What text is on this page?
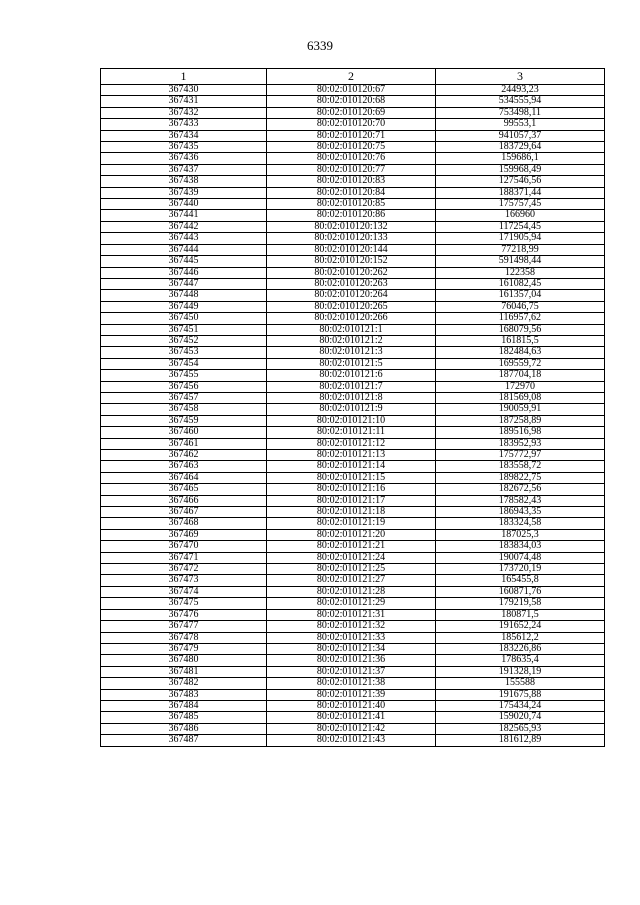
6339
1	2	3
367430	80:02:010120:67	24493,23
367431	80:02:010120:68	534555,94
367432	80:02:010120:69	753498,11
367433	80:02:010120:70	99553,1
367434	80:02:010120:71	941057,37
367435	80:02:010120:75	183729,64
367436	80:02:010120:76	159686,1
367437	80:02:010120:77	159968,49
367438	80:02:010120:83	127546,56
367439	80:02:010120:84	188371,44
367440	80:02:010120:85	175757,45
367441	80:02:010120:86	166960
367442	80:02:010120:132	117254,45
367443	80:02:010120:133	171905,94
367444	80:02:010120:144	77218,99
367445	80:02:010120:152	591498,44
367446	80:02:010120:262	122358
367447	80:02:010120:263	161082,45
367448	80:02:010120:264	161357,04
367449	80:02:010120:265	76046,75
367450	80:02:010120:266	116957,62
367451	80:02:010121:1	168079,56
367452	80:02:010121:2	161815,5
367453	80:02:010121:3	182484,63
367454	80:02:010121:5	169559,72
367455	80:02:010121:6	187704,18
367456	80:02:010121:7	172970
367457	80:02:010121:8	181569,08
367458	80:02:010121:9	190059,91
367459	80:02:010121:10	187258,89
367460	80:02:010121:11	189516,98
367461	80:02:010121:12	183952,93
367462	80:02:010121:13	175772,97
367463	80:02:010121:14	183558,72
367464	80:02:010121:15	189822,75
367465	80:02:010121:16	182672,56
367466	80:02:010121:17	178582,43
367467	80:02:010121:18	186943,35
367468	80:02:010121:19	183324,58
367469	80:02:010121:20	187025,3
367470	80:02:010121:21	183834,03
367471	80:02:010121:24	190074,48
367472	80:02:010121:25	173720,19
367473	80:02:010121:27	165455,8
367474	80:02:010121:28	160871,76
367475	80:02:010121:29	179219,58
367476	80:02:010121:31	180871,5
367477	80:02:010121:32	191652,24
367478	80:02:010121:33	185612,2
367479	80:02:010121:34	183226,86
367480	80:02:010121:36	178635,4
367481	80:02:010121:37	191328,19
367482	80:02:010121:38	155588
367483	80:02:010121:39	191675,88
367484	80:02:010121:40	175434,24
367485	80:02:010121:41	159020,74
367486	80:02:010121:42	182565,93
367487	80:02:010121:43	181612,89
